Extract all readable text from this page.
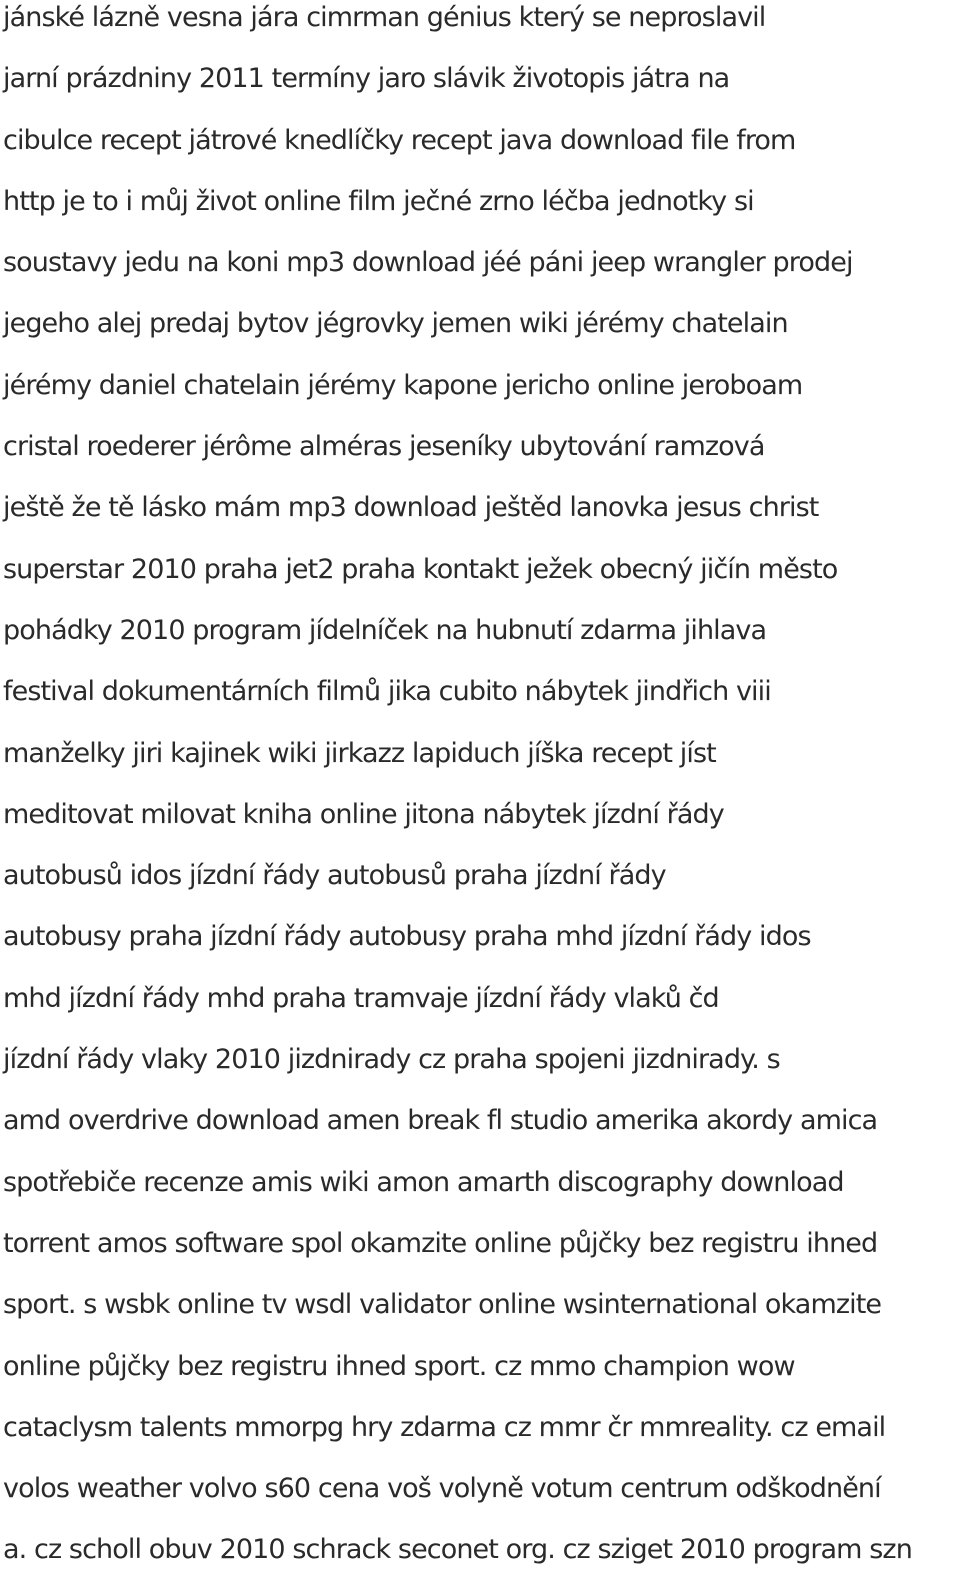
jánské lázně vesna jára cimrman génius který se neproslavil
jarní prázdniny 2011 termíny jaro slávik životopis játra na
cibulce recept játrové knedlíčky recept java download file from
http je to i můj život online film ječné zrno léčba jednotky si
soustavy jedu na koni mp3 download jéé páni jeep wrangler prodej
jegeho alej predaj bytov jégrovky jemen wiki jérémy chatelain
jérémy daniel chatelain jérémy kapone jericho online jeroboam
cristal roederer jérôme alméras jeseníky ubytování ramzová
ještě že tě lásko mám mp3 download ještěd lanovka jesus christ
superstar 2010 praha jet2 praha kontakt ježek obecný jičín město
pohádky 2010 program jídelníček na hubnutí zdarma jihlava
festival dokumentárních filmů jika cubito nábytek jindřich viii
manželky jiri kajinek wiki jirkazz lapiduch jíška recept jíst
meditovat milovat kniha online jitona nábytek jízdní řády
autobusů idos jízdní řády autobusů praha jízdní řády
autobusy praha jízdní řády autobusy praha mhd jízdní řády idos
mhd jízdní řády mhd praha tramvaje jízdní řády vlaků čd
jízdní řády vlaky 2010 jizdnirady cz praha spojeni jizdnirady. s
amd overdrive download amen break fl studio amerika akordy amica
spotřebiče recenze amis wiki amon amarth discography download
torrent amos software spol okamzite online půjčky bez registru ihned
sport. s wsbk online tv wsdl validator online wsinternational okamzite
online půjčky bez registru ihned sport. cz mmo champion wow
cataclysm talents mmorpg hry zdarma cz mmr čr mmreality. cz email
volos weather volvo s60 cena voš volyně votum centrum odškodnění
a. cz scholl obuv 2010 schrack seconet org. cz sziget 2010 program szn
